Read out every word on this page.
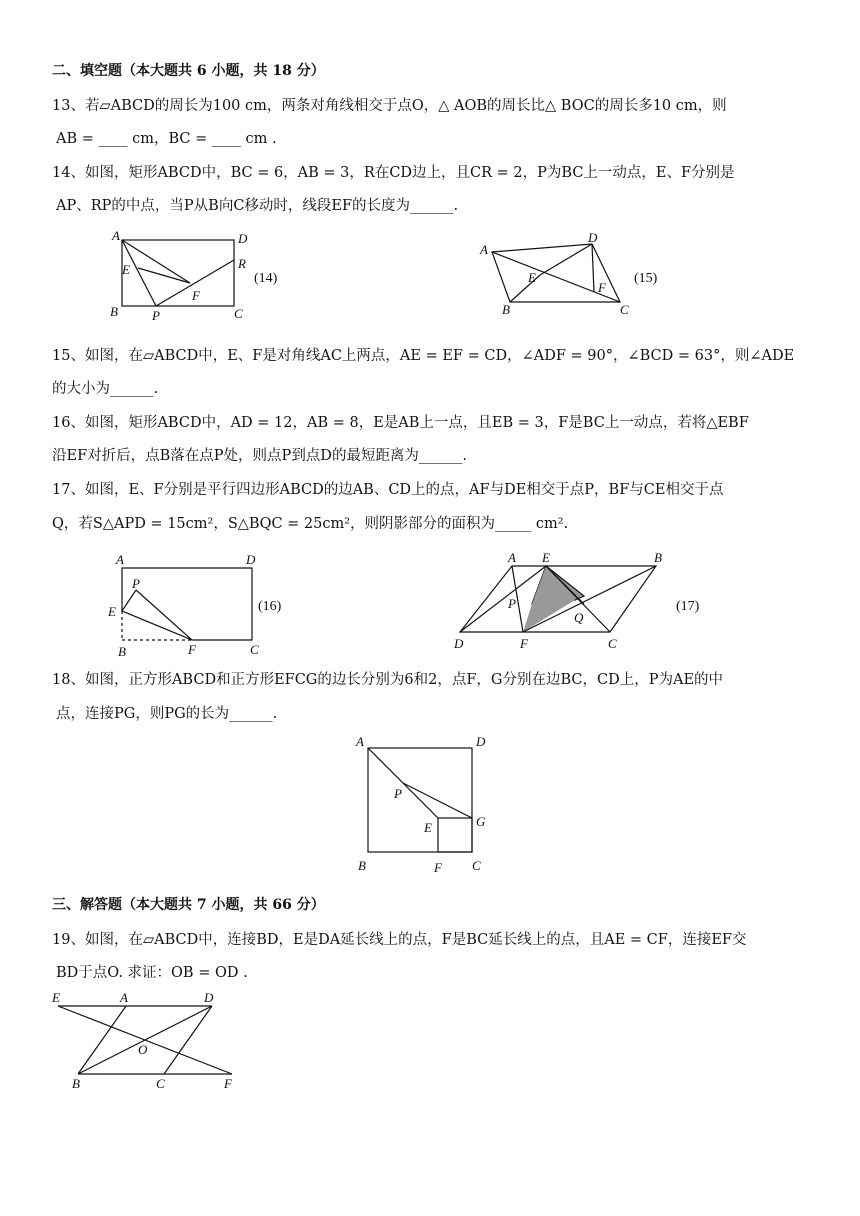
二、填空题（本大题共 6 小题，共 18 分）
13、若▱ABCD的周长为100 cm，两条对角线相交于点O，△ AOB的周长比△ BOC的周长多10 cm，则
AB = ____ cm，BC = ____ cm .
14、如图，矩形ABCD中，BC = 6，AB = 3，R在CD边上，且CR = 2，P为BC上一动点，E、F分别是
AP、RP的中点，当P从B向C移动时，线段EF的长度为______.
A	D
R
E
F
B	P	C
(14)
A
D
E
F
B	C
(15)
15、如图，在▱ABCD中，E、F是对角线AC上两点，AE = EF = CD，∠ADF = 90°，∠BCD = 63°，则∠ADE
的大小为______.
16、如图，矩形ABCD中，AD = 12，AB = 8，E是AB上一点，且EB = 3，F是BC上一动点，若将△EBF
沿EF对折后，点B落在点P处，则点P到点D的最短距离为______.
17、如图，E、F分别是平行四边形ABCD的边AB、CD上的点，AF与DE相交于点P，BF与CE相交于点
Q，若S△APD = 15cm²，S△BQC = 25cm²，则阴影部分的面积为_____ cm².
A	D
P
E
B	F	C
(16)
A E	B
P
Q
D	F	C
(17)
18、如图，正方形ABCD和正方形EFCG的边长分别为6和2，点F，G分别在边BC，CD上，P为AE的中
点，连接PG，则PG的长为______.
A	D
P
E	G
B	F C
三、解答题（本大题共 7 小题，共 66 分）
19、如图，在▱ABCD中，连接BD，E是DA延长线上的点，F是BC延长线上的点，且AE = CF，连接EF交
BD于点O. 求证：OB = OD .
E	A	D
O
B	C	F
